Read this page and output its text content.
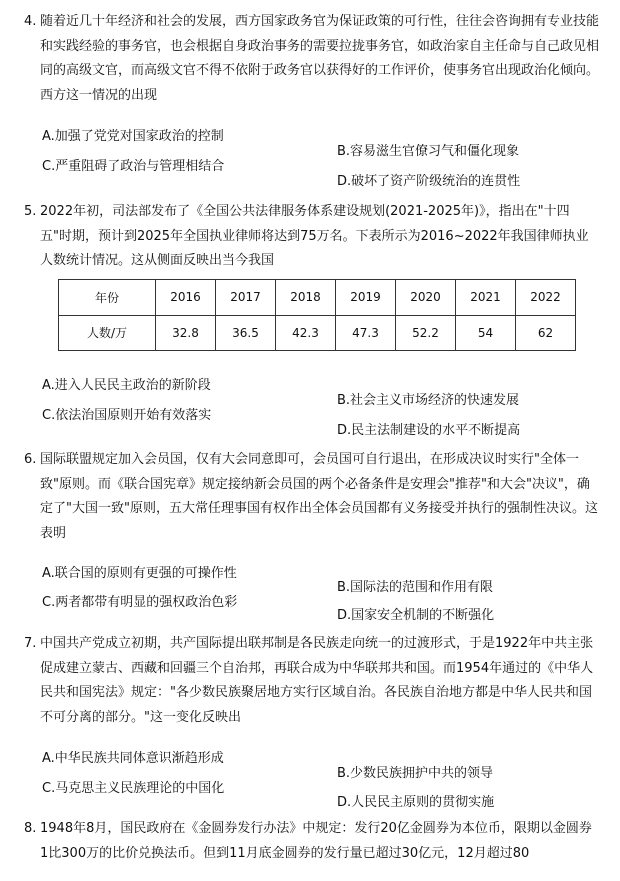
4. 随着近几十年经济和社会的发展，西方国家政务官为保证政策的可行性，往往会咨询拥有专业技能和实践经验的事务官，也会根据自身政治事务的需要拉拢事务官，如政治家自主任命与自己政见相同的高级文官，而高级文官不得不依附于政务官以获得好的工作评价，使事务官出现政治化倾向。西方这一情况的出现
A.加强了党党对国家政治的控制
B.容易滋生官僚习气和僵化现象
C.严重阻碍了政治与管理相结合
D.破坏了资产阶级统治的连贯性
5. 2022年初，司法部发布了《全国公共法律服务体系建设规划(2021-2025年)》，指出在"十四五"时期，预计到2025年全国执业律师将达到75万名。下表所示为2016~2022年我国律师执业人数统计情况。这从侧面反映出当今我国
年份	2016	2017	2018	2019	2020	2021	2022
人数/万	32.8	36.5	42.3	47.3	52.2	54	62
A.进入人民民主政治的新阶段
B.社会主义市场经济的快速发展
C.依法治国原则开始有效落实
D.民主法制建设的水平不断提高
6. 国际联盟规定加入会员国，仅有大会同意即可，会员国可自行退出，在形成决议时实行"全体一致"原则。而《联合国宪章》规定接纳新会员国的两个必备条件是安理会"推荐"和大会"决议"，确定了"大国一致"原则，五大常任理事国有权作出全体会员国都有义务接受并执行的强制性决议。这表明
A.联合国的原则有更强的可操作性
B.国际法的范围和作用有限
C.两者都带有明显的强权政治色彩
D.国家安全机制的不断强化
7. 中国共产党成立初期，共产国际提出联邦制是各民族走向统一的过渡形式，于是1922年中共主张促成建立蒙古、西藏和回疆三个自治邦，再联合成为中华联邦共和国。而1954年通过的《中华人民共和国宪法》规定："各少数民族聚居地方实行区域自治。各民族自治地方都是中华人民共和国不可分离的部分。"这一变化反映出
A.中华民族共同体意识渐趋形成
B.少数民族拥护中共的领导
C.马克思主义民族理论的中国化
D.人民民主原则的贯彻实施
8. 1948年8月，国民政府在《金圆券发行办法》中规定：发行20亿金圆券为本位币，限期以金圆券1比300万的比价兑换法币。但到11月底金圆券的发行量已超过30亿元，12月超过80
